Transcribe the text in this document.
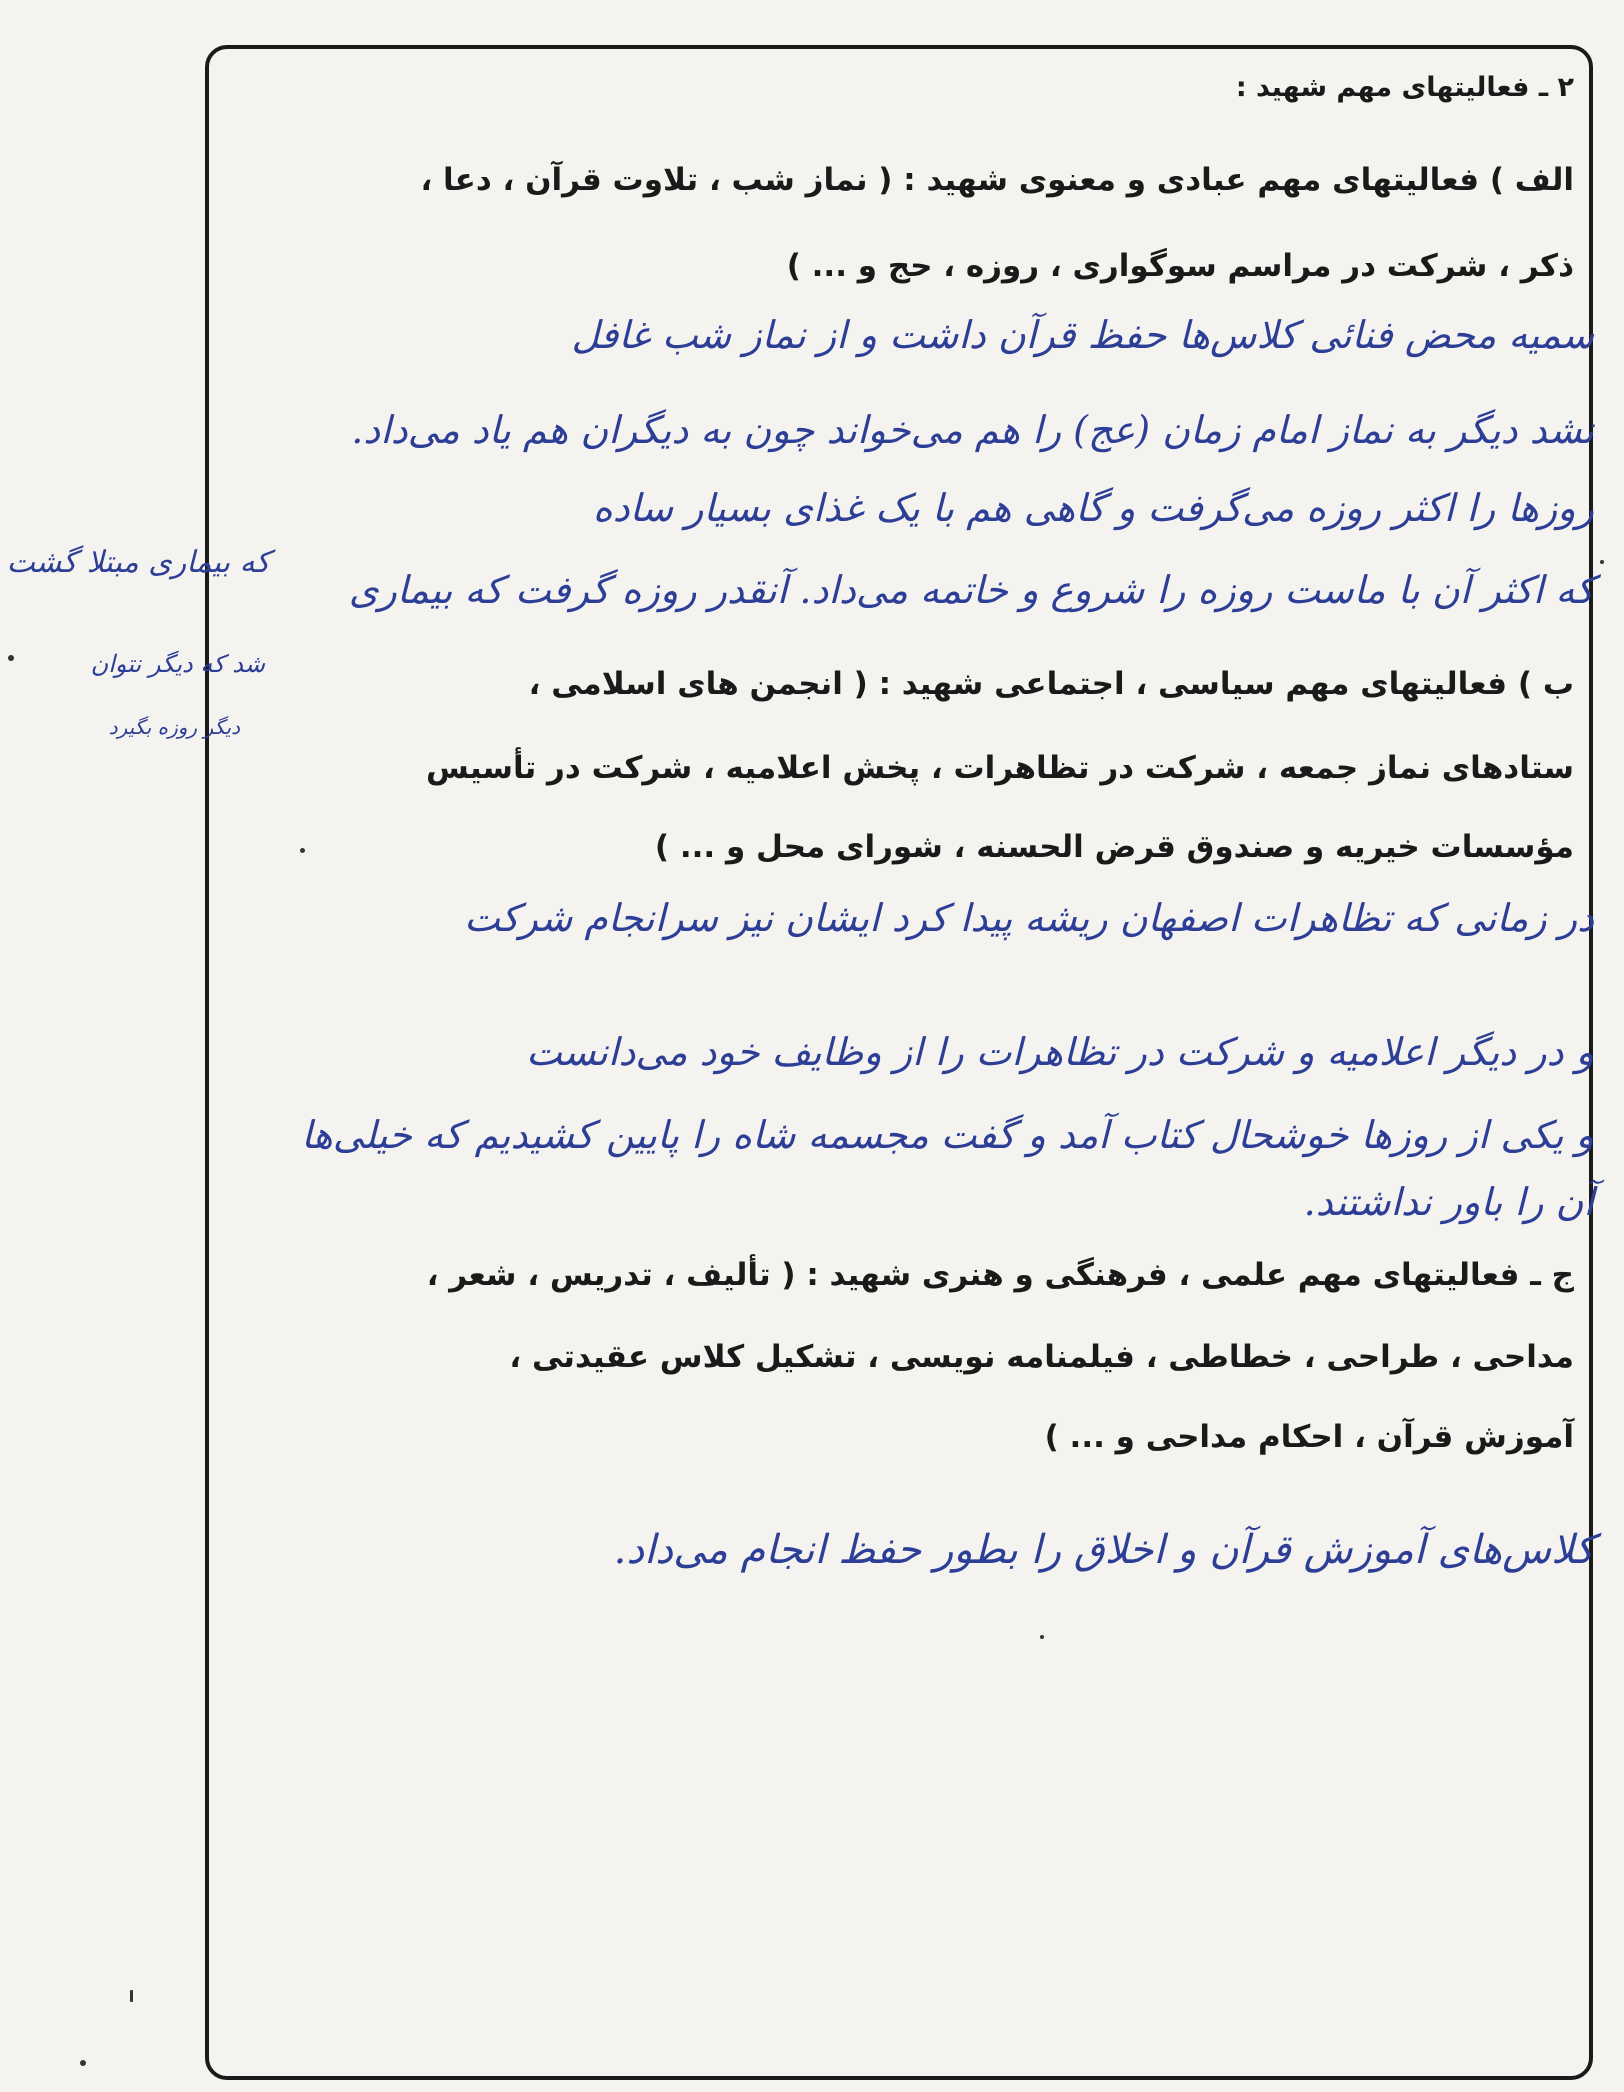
۲ ـ فعالیتهای مهم شهید :
الف ) فعالیتهای مهم عبادی و معنوی شهید : ( نماز شب ، تلاوت قرآن ، دعا ،
ذکر ، شرکت در مراسم سوگواری ، روزه ، حج و ... )
سمیه محض فنائی کلاس‌ها حفظ قرآن داشت و از نماز شب غافل
نشد دیگر به نماز امام زمان (عج) را هم می‌خواند چون به دیگران هم یاد می‌داد.
روزها را اکثر روزه می‌گرفت و گاهی هم با یک غذای بسیار ساده
که اکثر آن با ماست روزه را شروع و خاتمه می‌داد. آنقدر روزه گرفت که بیماری
که بیماری مبتلا گشت
شد که دیگر نتوان
دیگر روزه بگیرد
ب ) فعالیتهای مهم سیاسی ، اجتماعی شهید : ( انجمن های اسلامی ،
ستادهای نماز جمعه ، شرکت در تظاهرات ، پخش اعلامیه ، شرکت در تأسیس
مؤسسات خیریه و صندوق قرض الحسنه ، شورای محل و ... )
در زمانی که تظاهرات اصفهان ریشه پیدا کرد ایشان نیز سرانجام شرکت
و در دیگر اعلامیه و شرکت در تظاهرات را از وظایف خود می‌دانست
و یکی از روزها خوشحال کتاب آمد و گفت مجسمه شاه را پایین کشیدیم که خیلی‌ها
آن را باور نداشتند.
ج ـ فعالیتهای مهم علمی ، فرهنگی و هنری شهید : ( تألیف ، تدریس ، شعر ،
مداحی ، طراحی ، خطاطی ، فیلمنامه نویسی ، تشکیل کلاس عقیدتی ،
آموزش قرآن ، احکام مداحی و ... )
کلاس‌های آموزش قرآن و اخلاق را بطور حفظ انجام می‌داد.
